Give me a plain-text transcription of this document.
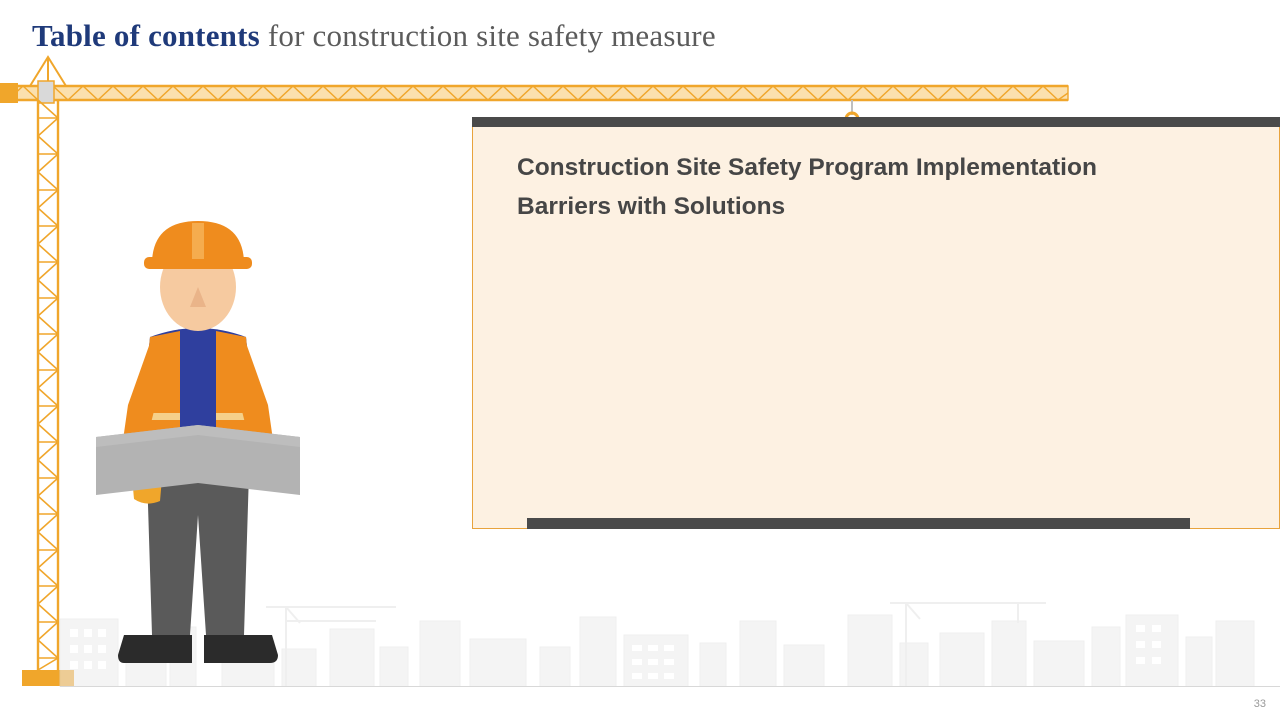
Table of contents for construction site safety measure
Construction Site Safety Program Implementation Barriers with Solutions
33
